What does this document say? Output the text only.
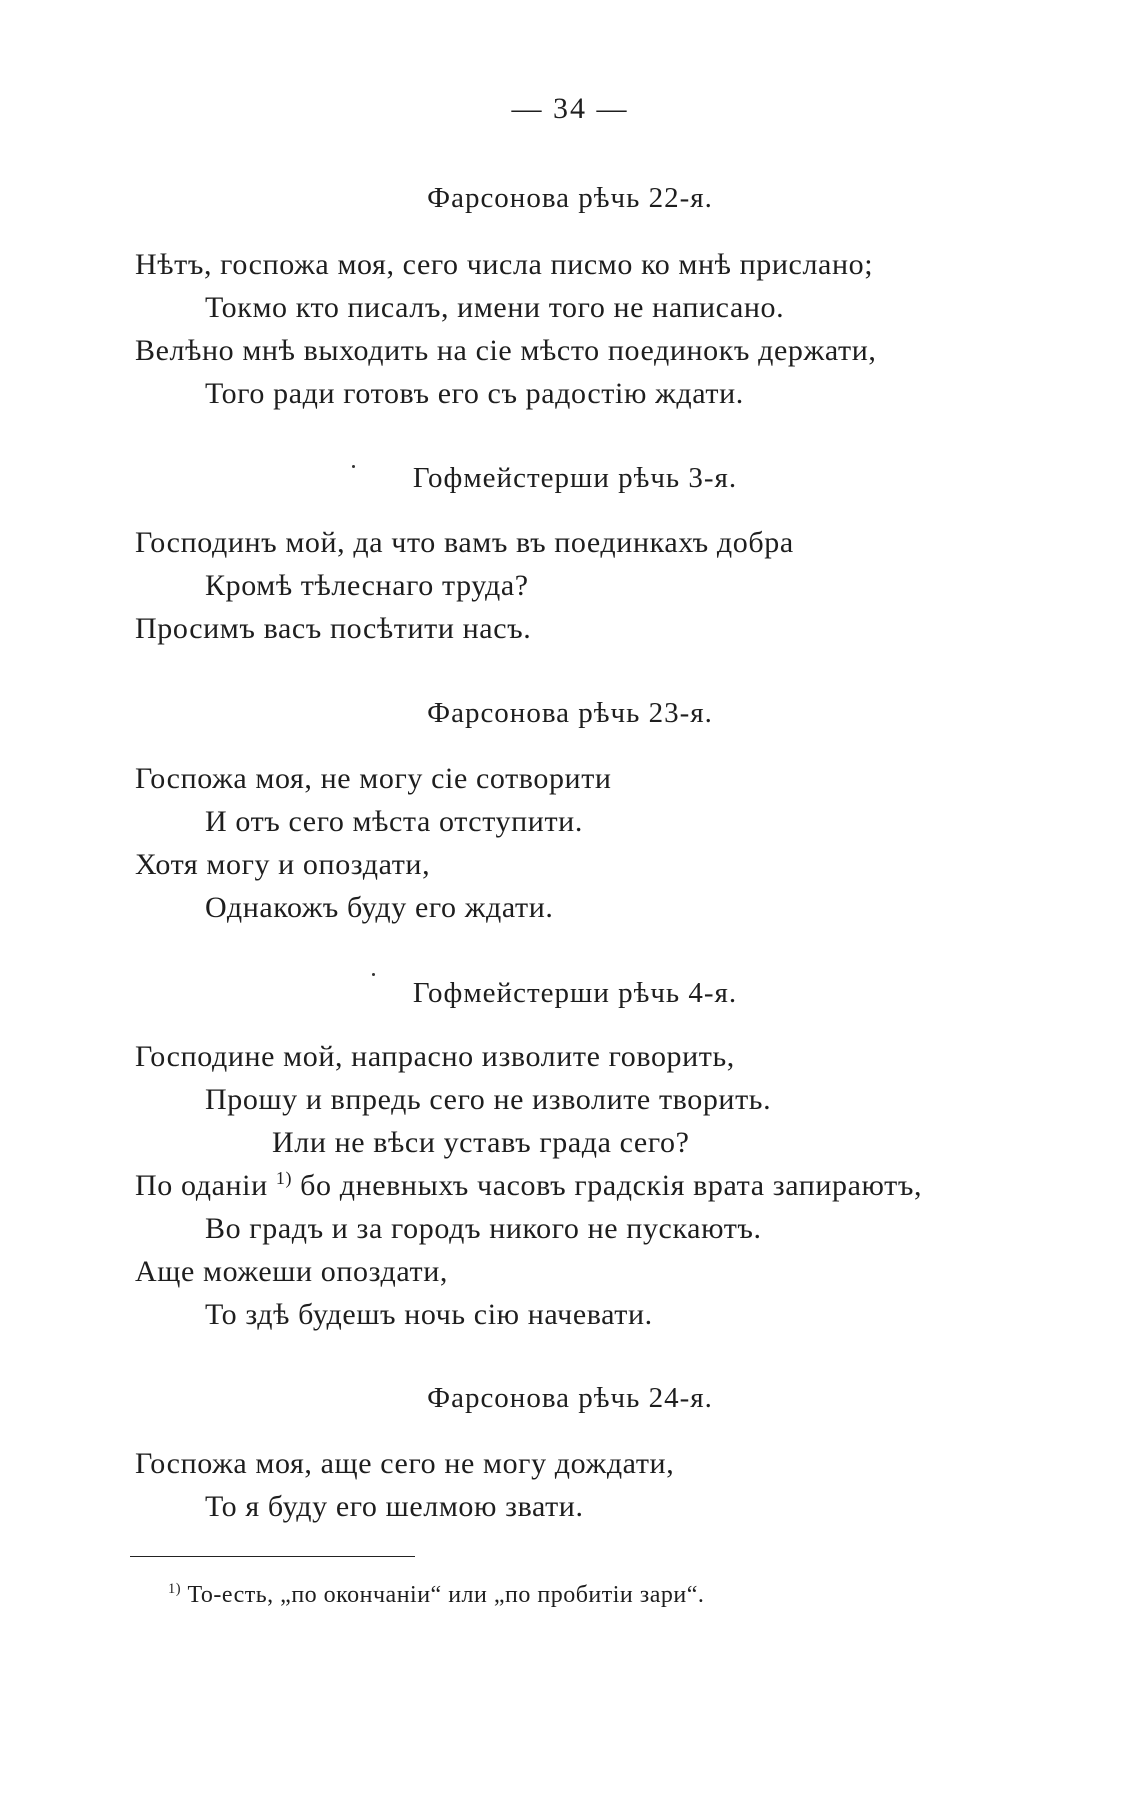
— 34 —
Фарсонова рѣчь 22-я.
Нѣтъ, госпожа моя, сего числа писмо ко мнѣ прислано;
Токмо кто писалъ, имени того не написано.
Велѣно мнѣ выходить на сіе мѣсто поединокъ держати,
Того ради готовъ его съ радостію ждати.
Гофмейстерши рѣчь 3-я.
Господинъ мой, да что вамъ въ поединкахъ добра
Кромѣ тѣлеснаго труда?
Просимъ васъ посѣтити насъ.
Фарсонова рѣчь 23-я.
Госпожа моя, не могу сіе сотворити
И отъ сего мѣста отступити.
Хотя могу и опоздати,
Однакожъ буду его ждати.
Гофмейстерши рѣчь 4-я.
Господине мой, напрасно изволите говорить,
Прошу и впредь сего не изволите творить.
Или не вѣси уставъ града сего?
По оданіи $^{1)}$ бо дневныхъ часовъ градскія врата запираютъ,
Во градъ и за городъ никого не пускаютъ.
Аще можеши опоздати,
То здѣ будешъ ночь сію начевати.
Фарсонова рѣчь 24-я.
Госпожа моя, аще сего не могу дождати,
То я буду его шелмою звати.
$^{1)}$ То-есть, „по окончаніи“ или „по пробитіи зари“.
